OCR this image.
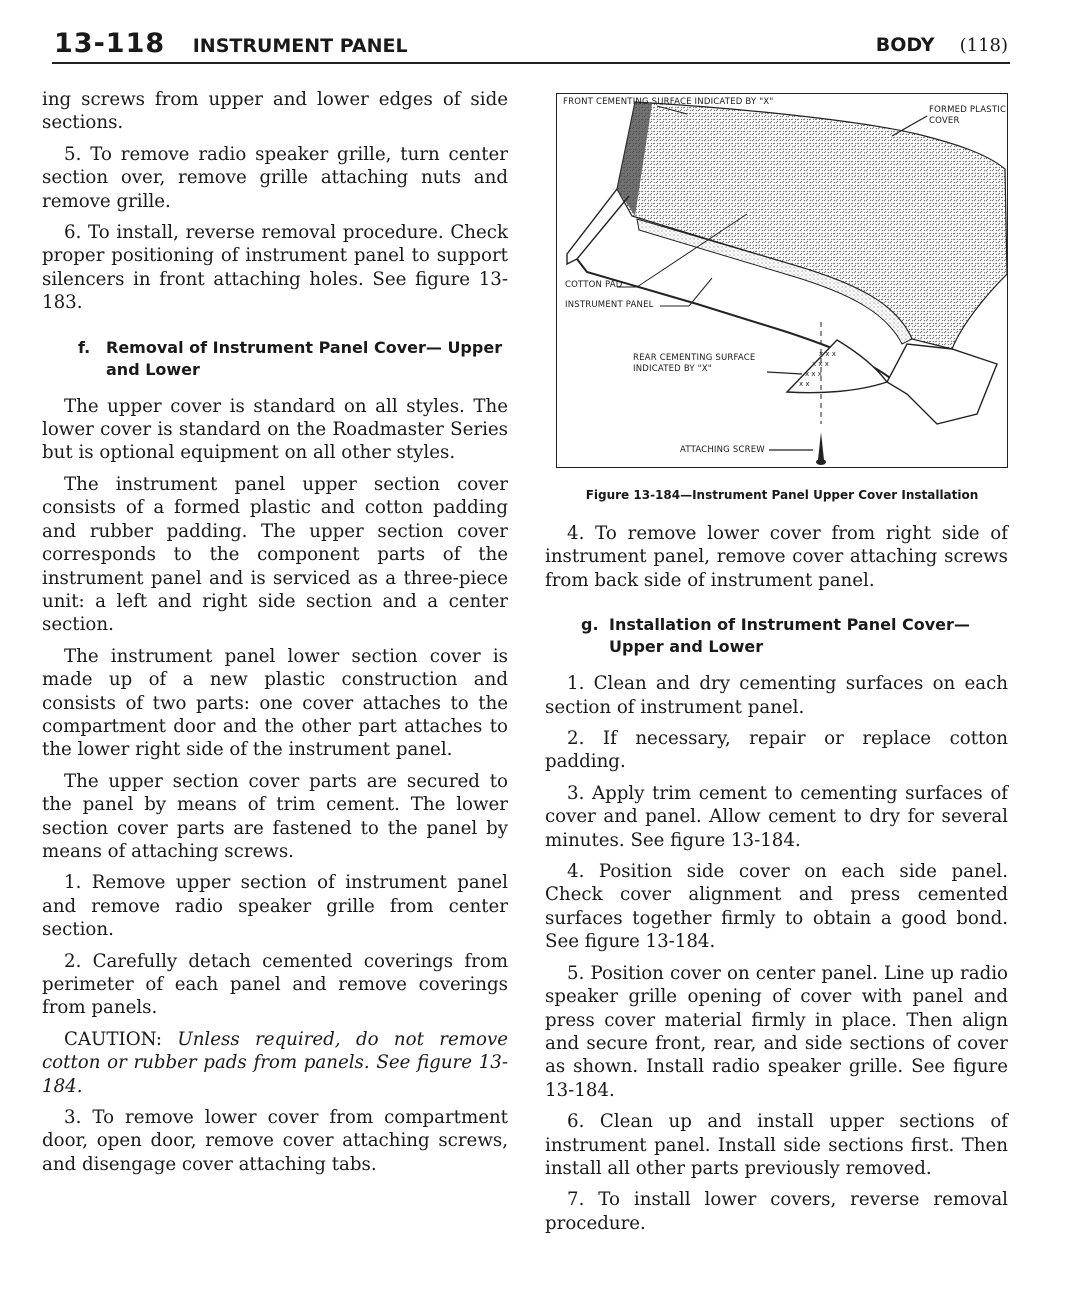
13-118 INSTRUMENT PANEL	BODY (118)

ing screws from upper and lower edges of side sections.

5. To remove radio speaker grille, turn center section over, remove grille attaching nuts and remove grille.

6. To install, reverse removal procedure. Check proper positioning of instrument panel to support silencers in front attaching holes. See figure 13-183.

f. Removal of Instrument Panel Cover— Upper and Lower

The upper cover is standard on all styles. The lower cover is standard on the Roadmaster Series but is optional equipment on all other styles.

The instrument panel upper section cover consists of a formed plastic and cotton padding and rubber padding. The upper section cover corresponds to the component parts of the instrument panel and is serviced as a three-piece unit: a left and right side section and a center section.

The instrument panel lower section cover is made up of a new plastic construction and consists of two parts: one cover attaches to the compartment door and the other part attaches to the lower right side of the instrument panel.

The upper section cover parts are secured to the panel by means of trim cement. The lower section cover parts are fastened to the panel by means of attaching screws.

1. Remove upper section of instrument panel and remove radio speaker grille from center section.

2. Carefully detach cemented coverings from perimeter of each panel and remove coverings from panels.

CAUTION: Unless required, do not remove cotton or rubber pads from panels. See figure 13-184.

3. To remove lower cover from compartment door, open door, remove cover attaching screws, and disengage cover attaching tabs.

x x x
x x x
x x x
x x
FRONT CEMENTING SURFACE INDICATED BY "X"
FORMED PLASTIC COVER
COTTON PAD
INSTRUMENT PANEL
REAR CEMENTING SURFACE INDICATED BY "X"
ATTACHING SCREW
Figure 13-184—Instrument Panel Upper Cover Installation

4. To remove lower cover from right side of instrument panel, remove cover attaching screws from back side of instrument panel.

g. Installation of Instrument Panel Cover— Upper and Lower

1. Clean and dry cementing surfaces on each section of instrument panel.

2. If necessary, repair or replace cotton padding.

3. Apply trim cement to cementing surfaces of cover and panel. Allow cement to dry for several minutes. See figure 13-184.

4. Position side cover on each side panel. Check cover alignment and press cemented surfaces together firmly to obtain a good bond. See figure 13-184.

5. Position cover on center panel. Line up radio speaker grille opening of cover with panel and press cover material firmly in place. Then align and secure front, rear, and side sections of cover as shown. Install radio speaker grille. See figure 13-184.

6. Clean up and install upper sections of instrument panel. Install side sections first. Then install all other parts previously removed.

7. To install lower covers, reverse removal procedure.
